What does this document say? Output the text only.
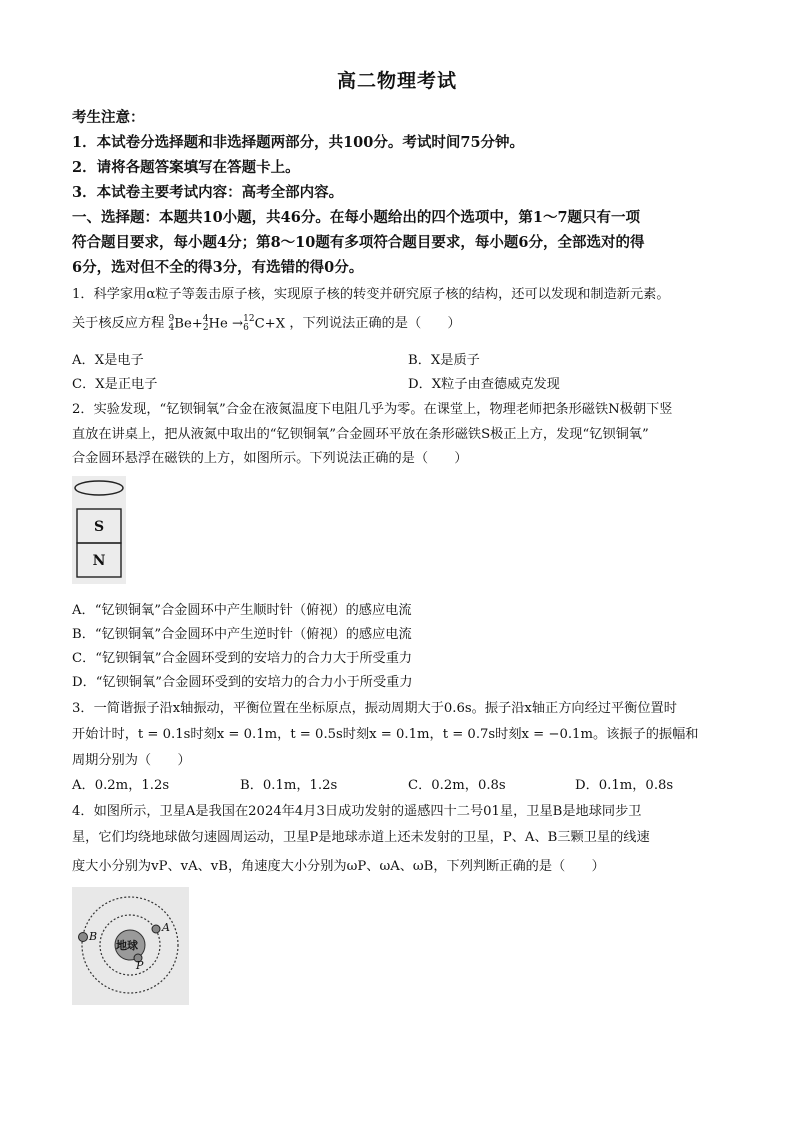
高二物理考试
考生注意：
1．本试卷分选择题和非选择题两部分，共100分。考试时间75分钟。
2．请将各题答案填写在答题卡上。
3．本试卷主要考试内容：高考全部内容。
一、选择题：本题共10小题，共46分。在每小题给出的四个选项中，第1～7题只有一项
符合题目要求，每小题4分；第8～10题有多项符合题目要求，每小题6分，全部选对的得
6分，选对但不全的得3分，有选错的得0分。
1．科学家用α粒子等轰击原子核，实现原子核的转变并研究原子核的结构，还可以发现和制造新元素。
关于核反应方程 9
4 Be+ 4
2 He → 12
6 C+X ，下列说法正确的是（　　）
A．X是电子	B．X是质子
C．X是正电子	D．X粒子由查德威克发现
2．实验发现，“钇钡铜氧”合金在液氮温度下电阻几乎为零。在课堂上，物理老师把条形磁铁N极朝下竖
直放在讲桌上，把从液氮中取出的“钇钡铜氧”合金圆环平放在条形磁铁S极正上方，发现“钇钡铜氧”
合金圆环悬浮在磁铁的上方，如图所示。下列说法正确的是（　　）
S
N
A．“钇钡铜氧”合金圆环中产生顺时针（俯视）的感应电流
B．“钇钡铜氧”合金圆环中产生逆时针（俯视）的感应电流
C．“钇钡铜氧”合金圆环受到的安培力的合力大于所受重力
D．“钇钡铜氧”合金圆环受到的安培力的合力小于所受重力
3．一简谐振子沿x轴振动，平衡位置在坐标原点，振动周期大于0.6s。振子沿x轴正方向经过平衡位置时
开始计时，t = 0.1s时刻x = 0.1m，t = 0.5s时刻x = 0.1m，t = 0.7s时刻x = −0.1m。该振子的振幅和
周期分别为（　　）
A．0.2m，1.2s	B．0.1m，1.2s	C．0.2m，0.8s	D．0.1m，0.8s
4．如图所示，卫星A是我国在2024年4月3日成功发射的遥感四十二号01星，卫星B是地球同步卫
星，它们均绕地球做匀速圆周运动，卫星P是地球赤道上还未发射的卫星，P、A、B三颗卫星的线速
度大小分别为vP、vA、vB，角速度大小分别为ωP、ωA、ωB，下列判断正确的是（　　）
地球
B
A
P
